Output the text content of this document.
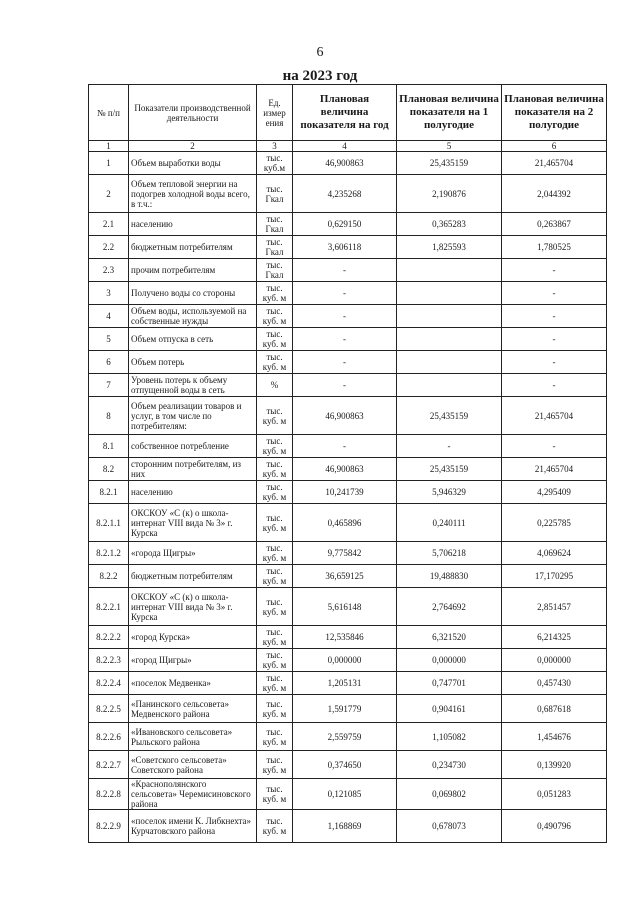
6
на 2023 год
№ п/п	Показатели производственной деятельности	Ед. измер ения	Плановая величина показателя на год	Плановая величина показателя на 1 полугодие	Плановая величина показателя на 2 полугодие
1	2	3	4	5	6
1	Объем выработки воды	тыс. куб.м	46,900863	25,435159	21,465704
2	Объем тепловой энергии на подогрев холодной воды всего, в т.ч.:	тыс. Гкал	4,235268	2,190876	2,044392
2.1	населению	тыс. Гкал	0,629150	0,365283	0,263867
2.2	бюджетным потребителям	тыс. Гкал	3,606118	1,825593	1,780525
2.3	прочим потребителям	тыс. Гкал	-		-
3	Получено воды со стороны	тыс. куб. м	-		-
4	Объем воды, используемой на собственные нужды	тыс. куб. м	-		-
5	Объем отпуска в сеть	тыс. куб. м	-		-
6	Объем потерь	тыс. куб. м	-		-
7	Уровень потерь к объему отпущенной воды в сеть	%	-		-
8	Объем реализации товаров и услуг, в том числе по потребителям:	тыс. куб. м	46,900863	25,435159	21,465704
8.1	собственное потребление	тыс. куб. м	-	-	-
8.2	сторонним потребителям, из них	тыс. куб. м	46,900863	25,435159	21,465704
8.2.1	населению	тыс. куб. м	10,241739	5,946329	4,295409
8.2.1.1	ОКСКОУ «С (к) о школа-интернат VIII вида № 3» г. Курска	тыс. куб. м	0,465896	0,240111	0,225785
8.2.1.2	«города Щигры»	тыс. куб. м	9,775842	5,706218	4,069624
8.2.2	бюджетным потребителям	тыс. куб. м	36,659125	19,488830	17,170295
8.2.2.1	ОКСКОУ «С (к) о школа-интернат VIII вида № 3» г. Курска	тыс. куб. м	5,616148	2,764692	2,851457
8.2.2.2	«город Курска»	тыс. куб. м	12,535846	6,321520	6,214325
8.2.2.3	«город Щигры»	тыс. куб. м	0,000000	0,000000	0,000000
8.2.2.4	«поселок Медвенка»	тыс. куб. м	1,205131	0,747701	0,457430
8.2.2.5	«Панинского сельсовета» Медвенского района	тыс. куб. м	1,591779	0,904161	0,687618
8.2.2.6	«Ивановского сельсовета» Рыльского района	тыс. куб. м	2,559759	1,105082	1,454676
8.2.2.7	«Советского сельсовета» Советского района	тыс. куб. м	0,374650	0,234730	0,139920
8.2.2.8	«Краснополянского сельсовета» Черемисиновского района	тыс. куб. м	0,121085	0,069802	0,051283
8.2.2.9	«поселок имени К. Либкнехта» Курчатовского района	тыс. куб. м	1,168869	0,678073	0,490796
